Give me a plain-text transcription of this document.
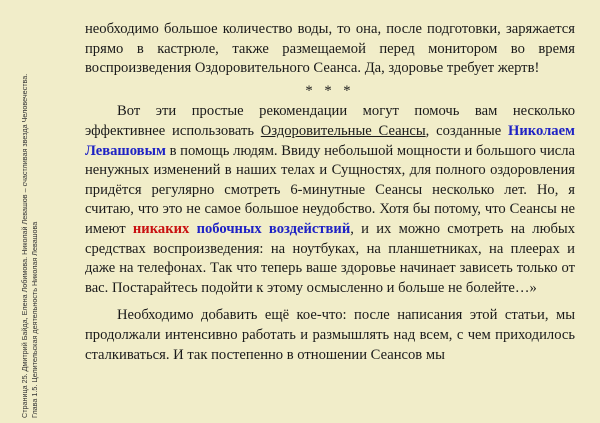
Страница 25. Дмитрий Байда, Елена Лобимова. Николай Левашов – счастливая звезда Человечества. Глава 1.5. Целительская деятельность Николая Левашова

необходимо большое количество воды, то она, после подготовки, заряжается прямо в кастрюле, также размещаемой перед монитором во время воспроизведения Оздоровительного Сеанса. Да, здоровье требует жертв!

* * *

Вот эти простые рекомендации могут помочь вам несколько эффективнее использовать Оздоровительные Сеансы, созданные Николаем Левашовым в помощь людям. Ввиду небольшой мощности и большого числа ненужных изменений в наших телах и Сущностях, для полного оздоровления придётся регулярно смотреть 6-минутные Сеансы несколько лет. Но, я считаю, что это не самое большое неудобство. Хотя бы потому, что Сеансы не имеют никаких побочных воздействий, и их можно смотреть на любых средствах воспроизведения: на ноутбуках, на планшетниках, на плеерах и даже на телефонах. Так что теперь ваше здоровье начинает зависеть только от вас. Постарайтесь подойти к этому осмысленно и больше не болейте…»

Необходимо добавить ещё кое-что: после написания этой статьи, мы продолжали интенсивно работать и размышлять над всем, с чем приходилось сталкиваться. И так постепенно в отношении Сеансов мы
